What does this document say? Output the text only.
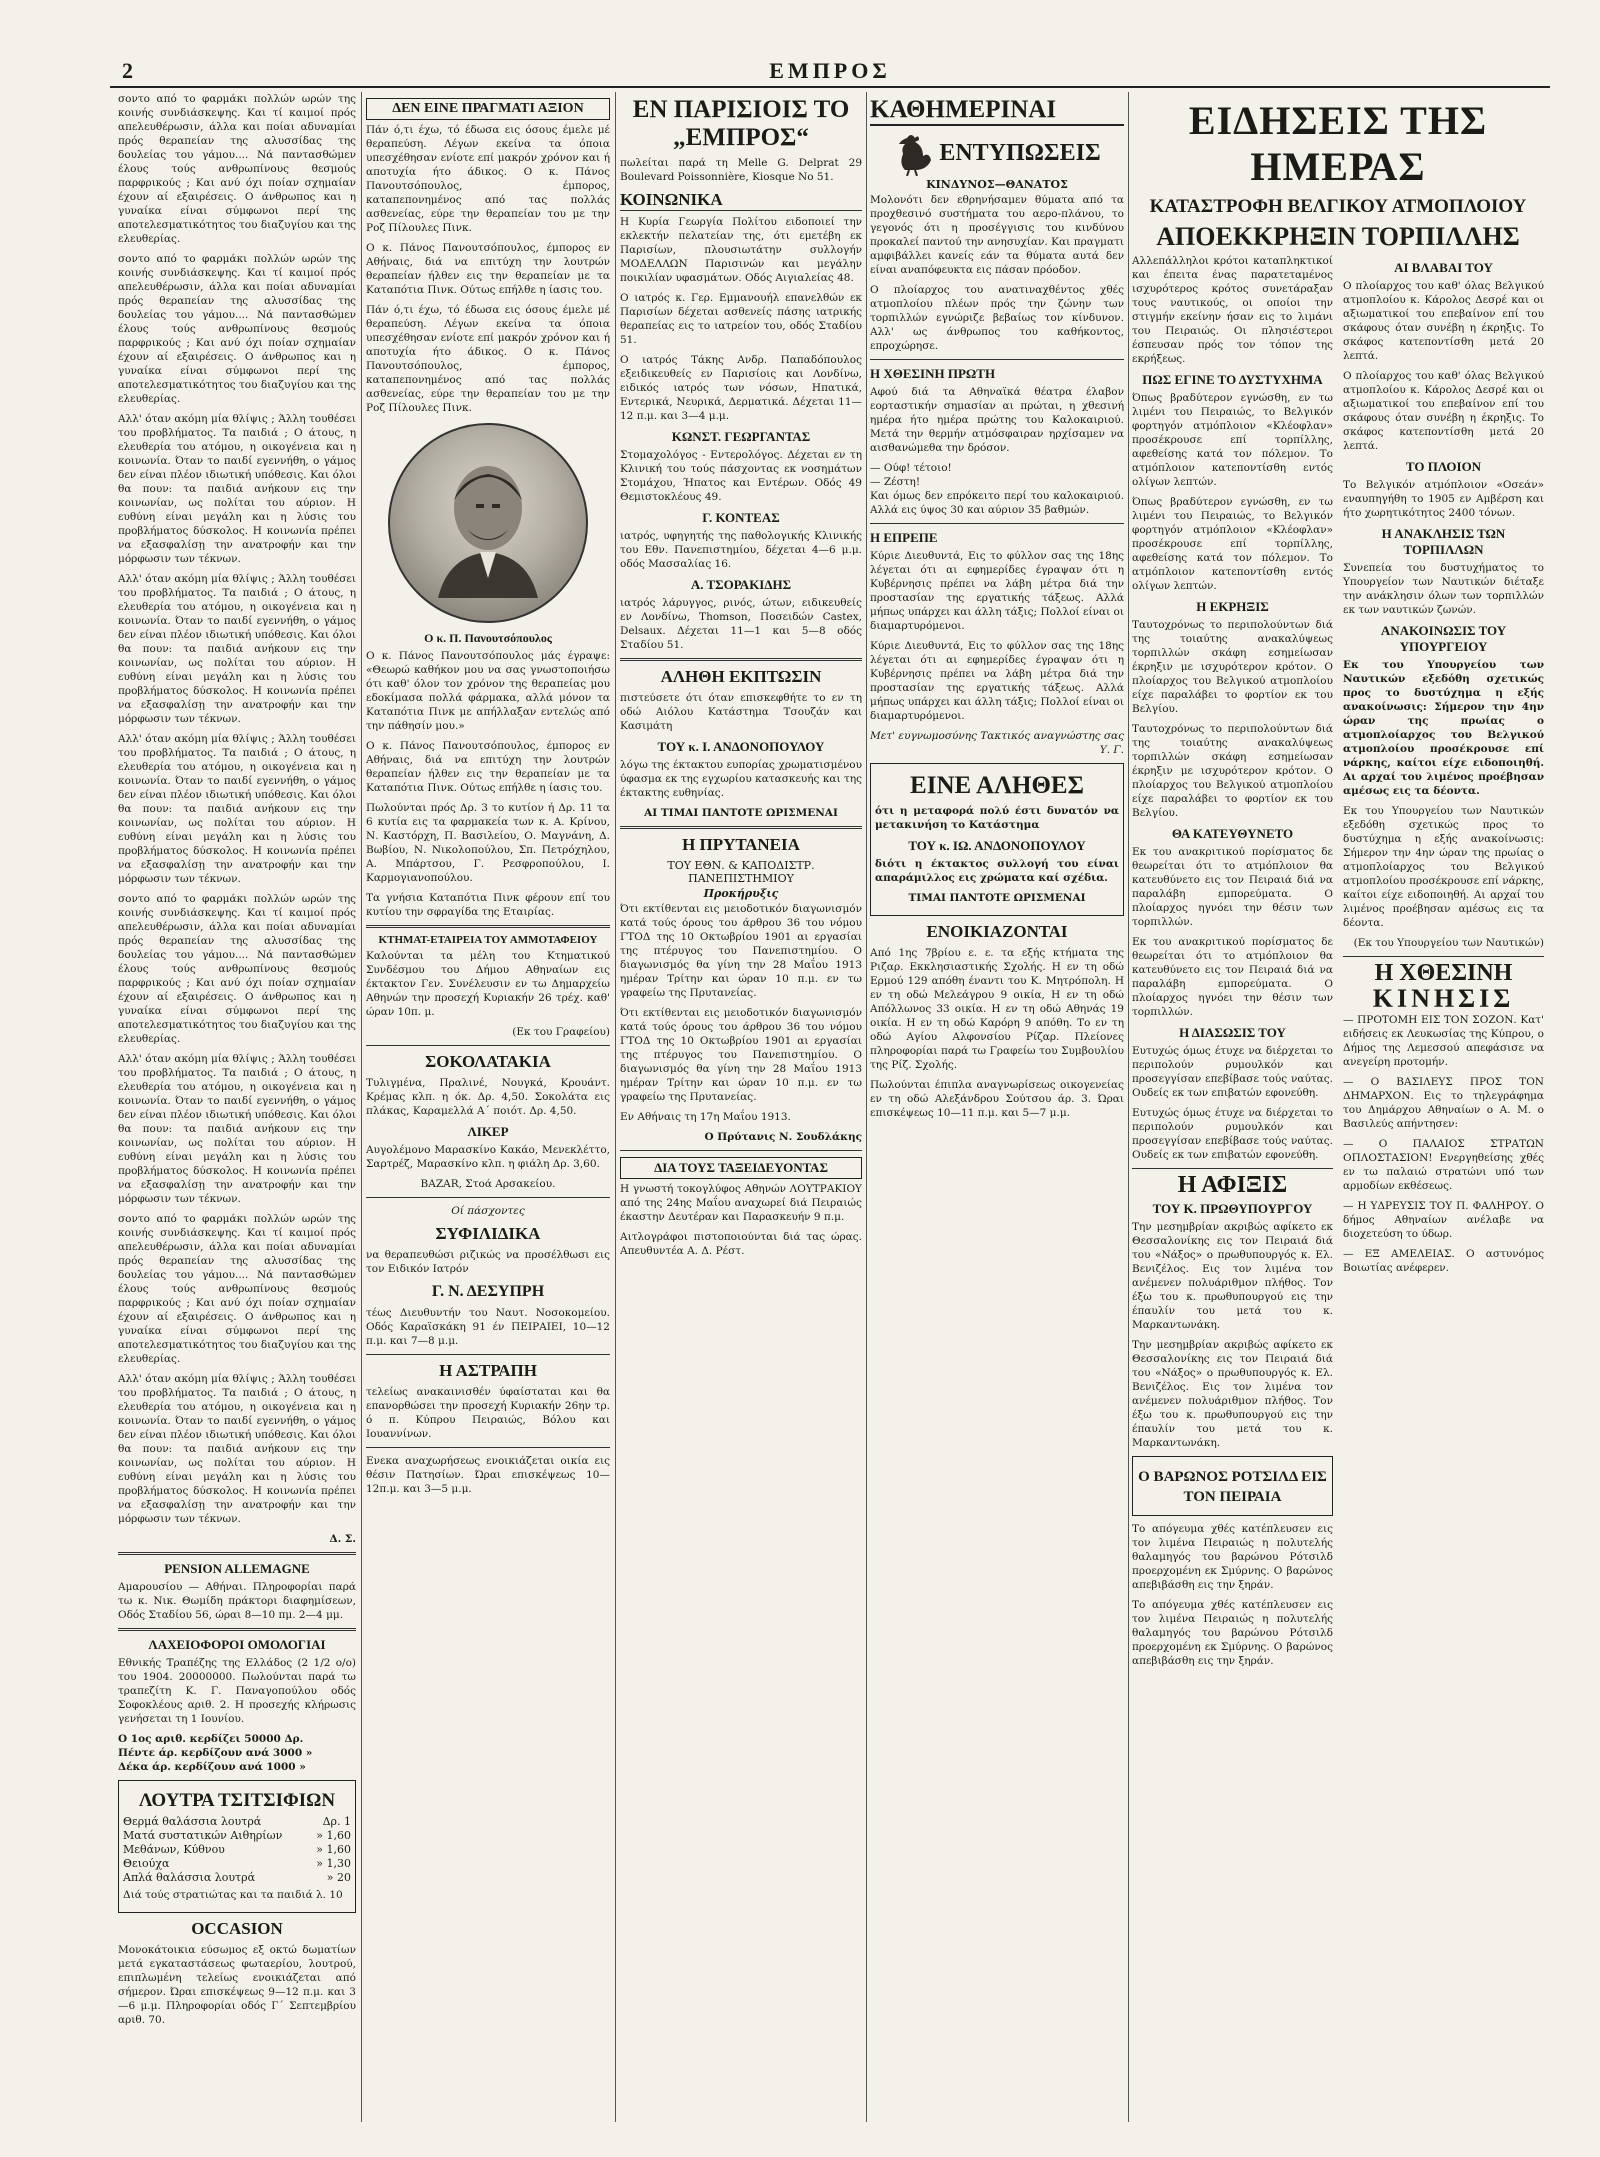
2	ΕΜΠΡΟΣ

σοντο από το φαρμάκι πολλών ωρών της κοινής συνδιάσκεψης. Και τί καιμοί πρός απελευθέρωσιν, άλλα και ποίαι αδυναμίαι πρός θεραπείαν της αλυσσίδας της δουλείας του γάμου.... Νά παντασθώμεν έλους τούς ανθρωπίνους θεσμούς παρφρικούς ; Και ανύ όχι ποίαν σχημαίαν έχουν αί εξαιρέσεις. Ο άνθρωπος και η γυναίκα είναι σύμφωνοι περί της αποτελεσματικότητος του διαζυγίου και της ελευθερίας.

σοντο από το φαρμάκι πολλών ωρών της κοινής συνδιάσκεψης. Και τί καιμοί πρός απελευθέρωσιν, άλλα και ποίαι αδυναμίαι πρός θεραπείαν της αλυσσίδας της δουλείας του γάμου.... Νά παντασθώμεν έλους τούς ανθρωπίνους θεσμούς παρφρικούς ; Και ανύ όχι ποίαν σχημαίαν έχουν αί εξαιρέσεις. Ο άνθρωπος και η γυναίκα είναι σύμφωνοι περί της αποτελεσματικότητος του διαζυγίου και της ελευθερίας.

Αλλ' όταν ακόμη μία θλίψις ; Άλλη τουθέσει του προβλήματος. Τα παιδιά ; Ο άτους, η ελευθερία του ατόμου, η οικογένεια και η κοινωνία. Όταν το παιδί εγεννήθη, ο γάμος δεν είναι πλέον ιδιωτική υπόθεσις. Και όλοι θα πουν: τα παιδιά ανήκουν εις την κοινωνίαν, ως πολίται του αύριον. Η ευθύνη είναι μεγάλη και η λύσις του προβλήματος δύσκολος. Η κοινωνία πρέπει να εξασφαλίσῃ την ανατροφήν και την μόρφωσιν των τέκνων.

Αλλ' όταν ακόμη μία θλίψις ; Άλλη τουθέσει του προβλήματος. Τα παιδιά ; Ο άτους, η ελευθερία του ατόμου, η οικογένεια και η κοινωνία. Όταν το παιδί εγεννήθη, ο γάμος δεν είναι πλέον ιδιωτική υπόθεσις. Και όλοι θα πουν: τα παιδιά ανήκουν εις την κοινωνίαν, ως πολίται του αύριον. Η ευθύνη είναι μεγάλη και η λύσις του προβλήματος δύσκολος. Η κοινωνία πρέπει να εξασφαλίσῃ την ανατροφήν και την μόρφωσιν των τέκνων.

Αλλ' όταν ακόμη μία θλίψις ; Άλλη τουθέσει του προβλήματος. Τα παιδιά ; Ο άτους, η ελευθερία του ατόμου, η οικογένεια και η κοινωνία. Όταν το παιδί εγεννήθη, ο γάμος δεν είναι πλέον ιδιωτική υπόθεσις. Και όλοι θα πουν: τα παιδιά ανήκουν εις την κοινωνίαν, ως πολίται του αύριον. Η ευθύνη είναι μεγάλη και η λύσις του προβλήματος δύσκολος. Η κοινωνία πρέπει να εξασφαλίσῃ την ανατροφήν και την μόρφωσιν των τέκνων.

σοντο από το φαρμάκι πολλών ωρών της κοινής συνδιάσκεψης. Και τί καιμοί πρός απελευθέρωσιν, άλλα και ποίαι αδυναμίαι πρός θεραπείαν της αλυσσίδας της δουλείας του γάμου.... Νά παντασθώμεν έλους τούς ανθρωπίνους θεσμούς παρφρικούς ; Και ανύ όχι ποίαν σχημαίαν έχουν αί εξαιρέσεις. Ο άνθρωπος και η γυναίκα είναι σύμφωνοι περί της αποτελεσματικότητος του διαζυγίου και της ελευθερίας.

Αλλ' όταν ακόμη μία θλίψις ; Άλλη τουθέσει του προβλήματος. Τα παιδιά ; Ο άτους, η ελευθερία του ατόμου, η οικογένεια και η κοινωνία. Όταν το παιδί εγεννήθη, ο γάμος δεν είναι πλέον ιδιωτική υπόθεσις. Και όλοι θα πουν: τα παιδιά ανήκουν εις την κοινωνίαν, ως πολίται του αύριον. Η ευθύνη είναι μεγάλη και η λύσις του προβλήματος δύσκολος. Η κοινωνία πρέπει να εξασφαλίσῃ την ανατροφήν και την μόρφωσιν των τέκνων.

σοντο από το φαρμάκι πολλών ωρών της κοινής συνδιάσκεψης. Και τί καιμοί πρός απελευθέρωσιν, άλλα και ποίαι αδυναμίαι πρός θεραπείαν της αλυσσίδας της δουλείας του γάμου.... Νά παντασθώμεν έλους τούς ανθρωπίνους θεσμούς παρφρικούς ; Και ανύ όχι ποίαν σχημαίαν έχουν αί εξαιρέσεις. Ο άνθρωπος και η γυναίκα είναι σύμφωνοι περί της αποτελεσματικότητος του διαζυγίου και της ελευθερίας.

Αλλ' όταν ακόμη μία θλίψις ; Άλλη τουθέσει του προβλήματος. Τα παιδιά ; Ο άτους, η ελευθερία του ατόμου, η οικογένεια και η κοινωνία. Όταν το παιδί εγεννήθη, ο γάμος δεν είναι πλέον ιδιωτική υπόθεσις. Και όλοι θα πουν: τα παιδιά ανήκουν εις την κοινωνίαν, ως πολίται του αύριον. Η ευθύνη είναι μεγάλη και η λύσις του προβλήματος δύσκολος. Η κοινωνία πρέπει να εξασφαλίσῃ την ανατροφήν και την μόρφωσιν των τέκνων.

Δ. Σ.

PENSION ALLEMAGNE

Αμαρουσίου — Αθήναι. Πληροφορίαι παρά τω κ. Νικ. Θωμίδη πράκτορι διαφημίσεων, Οδός Σταδίου 56, ώραι 8—10 πμ. 2—4 μμ.

ΛΑΧΕΙΟΦΟΡΟΙ ΟΜΟΛΟΓΙΑΙ

Εθνικής Τραπέζης της Ελλάδος (2 1/2 ο/ο) του 1904. 20000000. Πωλούνται παρά τω τραπεζίτη Κ. Γ. Παναγοπούλου οδός Σοφοκλέους αριθ. 2. Η προσεχής κλήρωσις γενήσεται τη 1 Ιουνίου.

Ο 1ος αριθ. κερδίζει 50000 Δρ.

Πέντε άρ. κερδίζουν ανά 3000 »

Δέκα άρ. κερδίζουν ανά 1000 »

ΛΟΥΤΡΑ ΤΣΙΤΣΙΦΙΩΝ
Θερμά θαλάσσια λουτρά	Δρ. 1
Ματά συστατικών Αιθηρίων	» 1,60
Μεθάνων, Κύθνου	» 1,60
Θειούχα	» 1,30
Απλά θαλάσσια λουτρά	» 20

Διά τούς στρατιώτας και τα παιδιά λ. 10

OCCASION

Μονοκάτοικια εύσωμος εξ οκτώ δωματίων μετά εγκαταστάσεως φωταερίου, λουτρού, επιπλωμένη τελείως ενοικιάζεται από σήμερον. Ώραι επισκέψεως 9—12 π.μ. και 3—6 μ.μ. Πληροφορίαι οδός Γ΄ Σεπτεμβρίου αριθ. 70.

ΔΕΝ ΕΙΝΕ ΠΡΑΓΜΑΤΙ ΑΞΙΟΝ

Πάν ό,τι έχω, τό έδωσα εις όσους έμελε μέ θεραπεύση. Λέγων εκείνα τα όποια υπεσχέθησαν ενίοτε επί μακρόν χρόνον και ή αποτυχία ήτο άδικος. Ο κ. Πάνος Πανουτσόπουλος, έμπορος, καταπεπονημένος από τας πολλάς ασθενείας, εύρε την θεραπείαν του με την Ροζ Πίλουλες Πινκ.

Ο κ. Πάνος Πανουτσόπουλος, έμπορος εν Αθήναις, διά να επιτύχη την λουτρών θεραπείαν ήλθεν εις την θεραπείαν με τα Καταπότια Πινκ. Ούτως επήλθε η ίασις του.

Πάν ό,τι έχω, τό έδωσα εις όσους έμελε μέ θεραπεύση. Λέγων εκείνα τα όποια υπεσχέθησαν ενίοτε επί μακρόν χρόνον και ή αποτυχία ήτο άδικος. Ο κ. Πάνος Πανουτσόπουλος, έμπορος, καταπεπονημένος από τας πολλάς ασθενείας, εύρε την θεραπείαν του με την Ροζ Πίλουλες Πινκ.

Ο κ. Π. Πανουτσόπουλος

Ο κ. Πάνος Πανουτσόπουλος μάς έγραψε: «Θεωρώ καθήκον μου να σας γνωστοποιήσω ότι καθ' όλον τον χρόνον της θεραπείας μου εδοκίμασα πολλά φάρμακα, αλλά μόνον τα Καταπότια Πινκ με απήλλαξαν εντελώς από την πάθησίν μου.»

Ο κ. Πάνος Πανουτσόπουλος, έμπορος εν Αθήναις, διά να επιτύχη την λουτρών θεραπείαν ήλθεν εις την θεραπείαν με τα Καταπότια Πινκ. Ούτως επήλθε η ίασις του.

Πωλούνται πρός Δρ. 3 το κυτίον ή Δρ. 11 τα 6 κυτία εις τα φαρμακεία των κ. Α. Κρίνου, Ν. Καστόρχη, Π. Βασιλείου, Ο. Μαγνάνη, Δ. Βωβίου, Ν. Νικολοπούλου, Σπ. Πετρόχηλου, Α. Μπάρτσου, Γ. Ρεσφροπούλου, Ι. Καρμογιανοπούλου.

Τα γνήσια Καταπότια Πινκ φέρουν επί του κυτίου την σφραγίδα της Εταιρίας.

ΚΤΗΜΑΤ-ΕΤΑΙΡΕΙΑ ΤΟΥ ΑΜΜΟΤΑΦΕΙΟΥ

Καλούνται τα μέλη του Κτηματικού Συνδέσμου του Δήμου Αθηναίων εις έκτακτον Γεν. Συνέλευσιν εν τω Δημαρχείω Αθηνών την προσεχή Κυριακήν 26 τρέχ. καθ' ώραν 10π. μ.

(Εκ του Γραφείου)

ΣΟΚΟΛΑΤΑΚΙΑ

Τυλιγμένα, Πραλινέ, Νουγκά, Κρουάντ. Κρέμας κλπ. η όκ. Δρ. 4,50. Σοκολάτα εις πλάκας, Καραμελλά Α΄ ποιότ. Δρ. 4,50.

ΛΙΚΕΡ

Αυγολέμονο Μαρασκίνο Κακάο, Μενεκλέττο, Σαρτρέζ, Μαρασκίνο κλπ. η φιάλη Δρ. 3,60.

BAZAR, Στοά Αρσακείου.

Οί πάσχοντες

ΣΥΦΙΛΙΔΙΚΑ

να θεραπευθώσι ριζικώς να προσέλθωσι εις τον Ειδικόν Ιατρόν

Γ. Ν. ΔΕΣΥΠΡΗ

τέως Διευθυντήν του Ναυτ. Νοσοκομείου. Οδός Καραϊσκάκη 91 έν ΠΕΙΡΑΙΕΙ, 10—12 π.μ. και 7—8 μ.μ.

Η ΑΣΤΡΑΠΗ

τελείως ανακαινισθέν ύφαίσταται και θα επανορθώσει την προσεχή Κυριακήν 26ην τρ. ό π. Κύπρου Πειραιώς, Βόλου και Ιουαννίνων.

Ενεκα αναχωρήσεως ενοικιάζεται οικία εις θέσιν Πατησίων. Ώραι επισκέψεως 10—12π.μ. και 3—5 μ.μ.

ΕΝ ΠΑΡΙΣΙΟΙΣ ΤΟ „ΕΜΠΡΟΣ“

πωλείται παρά τη Melle G. Delprat 29 Boulevard Poissonnière, Kiosque No 51.

ΚΟΙΝΩΝΙΚΑ

Η Κυρία Γεωργία Πολίτου ειδοποιεί την εκλεκτήν πελατείαν της, ότι εμετέβη εκ Παρισίων, πλουσιωτάτην συλλογήν ΜΟΔΕΛΛΩΝ Παρισινών και μεγάλην ποικιλίαν υφασμάτων. Οδός Αιγιαλείας 48.

Ο ιατρός κ. Γερ. Εμμανουήλ επανελθών εκ Παρισίων δέχεται ασθενείς πάσης ιατρικής θεραπείας εις το ιατρείον του, οδός Σταδίου 51.

Ο ιατρός Τάκης Ανδρ. Παπαδόπουλος εξειδικευθείς εν Παρισίοις και Λονδίνω, ειδικός ιατρός των νόσων, Ηπατικά, Εντερικά, Νευρικά, Δερματικά. Δέχεται 11—12 π.μ. και 3—4 μ.μ.

ΚΩΝΣΤ. ΓΕΩΡΓΑΝΤΑΣ

Στομαχολόγος - Εντερολόγος. Δέχεται εν τη Κλινική του τούς πάσχοντας εκ νοσημάτων Στομάχου, Ήπατος και Εντέρων. Οδός 49 Θεμιστοκλέους 49.

Γ. ΚΟΝΤΕΑΣ

ιατρός, υφηγητής της παθολογικής Κλινικής του Εθν. Πανεπιστημίου, δέχεται 4—6 μ.μ. οδός Μασσαλίας 16.

Α. ΤΣΟΡΑΚΙΔΗΣ

ιατρός λάρυγγος, ρινός, ώτων, ειδικευθείς εν Λονδίνω, Thomson, Ποσειδών Castex, Delsaux. Δέχεται 11—1 και 5—8 οδός Σταδίου 51.

ΑΛΗΘΗ ΕΚΠΤΩΣΙΝ

πιστεύσετε ότι όταν επισκεφθήτε το εν τη οδώ Αιόλου Κατάστημα Τσουζάν και Κασιμάτη

ΤΟΥ κ. Ι. ΑΝΔΟΝΟΠΟΥΛΟΥ

λόγω της έκτακτου ευπορίας χρωματισμένου ύφασμα εκ της εγχωρίου κατασκευής και της έκτακτης ευθηνίας.

ΑΙ ΤΙΜΑΙ ΠΑΝΤΟΤΕ ΩΡΙΣΜΕΝΑΙ

Η ΠΡΥΤΑΝΕΙΑ
ΤΟΥ ΕΘΝ. & ΚΑΠΟΔΙΣΤΡ. ΠΑΝΕΠΙΣΤΗΜΙΟΥ
Προκήρυξις

Ότι εκτίθενται εις μειοδοτικόν διαγωνισμόν κατά τούς όρους του άρθρου 36 του νόμου ΓΤΟΔ της 10 Οκτωβρίου 1901 αι εργασίαι της πτέρυγος του Πανεπιστημίου. Ο διαγωνισμός θα γίνη την 28 Μαΐου 1913 ημέραν Τρίτην και ώραν 10 π.μ. εν τω γραφείω της Πρυτανείας.

Ότι εκτίθενται εις μειοδοτικόν διαγωνισμόν κατά τούς όρους του άρθρου 36 του νόμου ΓΤΟΔ της 10 Οκτωβρίου 1901 αι εργασίαι της πτέρυγος του Πανεπιστημίου. Ο διαγωνισμός θα γίνη την 28 Μαΐου 1913 ημέραν Τρίτην και ώραν 10 π.μ. εν τω γραφείω της Πρυτανείας.

Εν Αθήναις τη 17η Μαΐου 1913.

Ο Πρύτανις Ν. Σουδλάκης

ΔΙΑ ΤΟΥΣ ΤΑΞΕΙΔΕΥΟΝΤΑΣ

Η γνωστή τοκογλύφος Αθηνών ΛΟΥΤΡΑΚΙΟΥ από της 24ης Μαΐου αναχωρεί διά Πειραιώς έκαστην Δευτέραν και Παρασκευήν 9 π.μ.

Αιτλογράφοι πιστοποιούνται διά τας ώρας. Απευθυντέα Α. Δ. Ρέστ.

ΚΑΘΗΜΕΡΙΝΑΙ
ΕΝΤΥΠΩΣΕΙΣ
ΚΙΝΔΥΝΟΣ—ΘΑΝΑΤΟΣ

Μολονότι δεν εθρηνήσαμεν θύματα από τα προχθεσινό συστήματα του αερο-πλάνου, το γεγονός ότι η προσέγγισις του κινδύνου προκαλεί παντού την ανησυχίαν. Και πραγματι αμφιβάλλει κανείς εάν τα θύματα αυτά δεν είναι αναπόφευκτα εις πάσαν πρόοδον.

Ο πλοίαρχος του ανατιναχθέντος χθές ατμοπλοίου πλέων πρός την ζώνην των τορπιλλών εγνώριζε βεβαίως τον κίνδυνον. Αλλ' ως άνθρωπος του καθήκοντος, επροχώρησε.

Η ΧΘΕΣΙΝΗ ΠΡΩΤΗ

Αφού διά τα Αθηναϊκά θέατρα έλαβον εορταστικήν σημασίαν αι πρώται, η χθεσινή ημέρα ήτο ημέρα πρώτης του Καλοκαιριού. Μετά την θερμήν ατμόσφαιραν ηρχίσαμεν να αισθανώμεθα την δρόσον.

— Ούφ! τέτοιο!

— Ζέστη!

Και όμως δεν επρόκειτο περί του καλοκαιριού. Αλλά εις ύψος 30 και αύριον 35 βαθμών.

Η ΕΠΡΕΠΕ

Κύριε Διευθυντά, Εις το φύλλον σας της 18ης λέγεται ότι αι εφημερίδες έγραψαν ότι η Κυβέρνησις πρέπει να λάβη μέτρα διά την προστασίαν της εργατικής τάξεως. Αλλά μήπως υπάρχει και άλλη τάξις; Πολλοί είναι οι διαμαρτυρόμενοι.

Κύριε Διευθυντά, Εις το φύλλον σας της 18ης λέγεται ότι αι εφημερίδες έγραψαν ότι η Κυβέρνησις πρέπει να λάβη μέτρα διά την προστασίαν της εργατικής τάξεως. Αλλά μήπως υπάρχει και άλλη τάξις; Πολλοί είναι οι διαμαρτυρόμενοι.

Μετ' ευγνωμοσύνης Τακτικός αναγνώστης σας Υ. Γ.

ΕΙΝΕ ΑΛΗΘΕΣ

ότι η μεταφορά πολύ έστι δυνατόν να μετακινήση το Κατάστημα

ΤΟΥ κ. ΙΩ. ΑΝΔΟΝΟΠΟΥΛΟΥ

διότι η έκτακτος συλλογή του είναι απαράμιλλος εις χρώματα καί σχέδια.

ΤΙΜΑΙ ΠΑΝΤΟΤΕ ΩΡΙΣΜΕΝΑΙ

ΕΝΟΙΚΙΑΖΟΝΤΑΙ

Από 1ης 7βρίου ε. ε. τα εξής κτήματα της Ριζαρ. Εκκλησιαστικής Σχολής. Η εν τη οδώ Ερμού 129 απόθη έναντι του Κ. Μητρόπολη. Η εν τη οδώ Μελεάγρου 9 οικία, Η εν τη οδώ Απόλλωνος 33 οικία. Η εν τη οδώ Αθηνάς 19 οικία. Η εν τη οδώ Καρόρη 9 απόθη. Το εν τη οδώ Αγίου Αλφονσίου Ρίζαρ. Πλείονες πληροφορίαι παρά τω Γραφείω του Συμβουλίου της Ρίζ. Σχολής.

Πωλούνται έπιπλα αναγνωρίσεως οικογενείας εν τη οδώ Αλεξάνδρου Σούτσου άρ. 3. Ώραι επισκέψεως 10—11 π.μ. και 5—7 μ.μ.

ΕΙΔΗΣΕΙΣ ΤΗΣ ΗΜΕΡΑΣ
ΚΑΤΑΣΤΡΟΦΗ ΒΕΛΓΙΚΟΥ ΑΤΜΟΠΛΟΙΟΥ
ΑΠΟΕΚΚΡΗΞΙΝ ΤΟΡΠΙΛΛΗΣ

Αλλεπάλληλοι κρότοι καταπληκτικοί και έπειτα ένας παρατεταμένος ισχυρότερος κρότος συνετάραξαν τους ναυτικούς, οι οποίοι την στιγμήν εκείνην ήσαν εις το λιμάνι του Πειραιώς. Οι πλησιέστεροι έσπευσαν πρός τον τόπον της εκρήξεως.

ΠΩΣ ΕΓΙΝΕ ΤΟ ΔΥΣΤΥΧΗΜΑ

Όπως βραδύτερον εγνώσθη, εν τω λιμένι του Πειραιώς, το Βελγικόν φορτηγόν ατμόπλοιον «Κλέοφλαν» προσέκρουσε επί τορπίλλης, αφεθείσης κατά τον πόλεμον. Το ατμόπλοιον κατεποντίσθη εντός ολίγων λεπτών.

Όπως βραδύτερον εγνώσθη, εν τω λιμένι του Πειραιώς, το Βελγικόν φορτηγόν ατμόπλοιον «Κλέοφλαν» προσέκρουσε επί τορπίλλης, αφεθείσης κατά τον πόλεμον. Το ατμόπλοιον κατεποντίσθη εντός ολίγων λεπτών.

Η ΕΚΡΗΞΙΣ

Ταυτοχρόνως το περιπολούντων διά της τοιαύτης ανακαλύψεως τορπιλλών σκάφη εσημείωσαν έκρηξιν με ισχυρότερον κρότον. Ο πλοίαρχος του Βελγικού ατμοπλοίου είχε παραλάβει το φορτίον εκ του Βελγίου.

Ταυτοχρόνως το περιπολούντων διά της τοιαύτης ανακαλύψεως τορπιλλών σκάφη εσημείωσαν έκρηξιν με ισχυρότερον κρότον. Ο πλοίαρχος του Βελγικού ατμοπλοίου είχε παραλάβει το φορτίον εκ του Βελγίου.

ΘΑ ΚΑΤΕΥΘΥΝΕΤΟ

Εκ του ανακριτικού πορίσματος δε θεωρείται ότι το ατμόπλοιον θα κατευθύνετο εις τον Πειραιά διά να παραλάβη εμπορεύματα. Ο πλοίαρχος ηγνόει την θέσιν των τορπιλλών.

Εκ του ανακριτικού πορίσματος δε θεωρείται ότι το ατμόπλοιον θα κατευθύνετο εις τον Πειραιά διά να παραλάβη εμπορεύματα. Ο πλοίαρχος ηγνόει την θέσιν των τορπιλλών.

Η ΔΙΑΣΩΣΙΣ ΤΟΥ

Ευτυχώς όμως έτυχε να διέρχεται το περιπολούν ρυμουλκόν και προσεγγίσαν επεβίβασε τούς ναύτας. Ουδείς εκ των επιβατών εφονεύθη.

Ευτυχώς όμως έτυχε να διέρχεται το περιπολούν ρυμουλκόν και προσεγγίσαν επεβίβασε τούς ναύτας. Ουδείς εκ των επιβατών εφονεύθη.

Η ΑΦΙΞΙΣ
ΤΟΥ Κ. ΠΡΩΘΥΠΟΥΡΓΟΥ

Την μεσημβρίαν ακριβώς αφίκετο εκ Θεσσαλονίκης εις τον Πειραιά διά του «Νάξος» ο πρωθυπουργός κ. Ελ. Βενιζέλος. Εις τον λιμένα τον ανέμενεν πολυάριθμον πλήθος. Τον έξω του κ. πρωθυπουργού εις την έπαυλίν του μετά του κ. Μαρκαντωνάκη.

Την μεσημβρίαν ακριβώς αφίκετο εκ Θεσσαλονίκης εις τον Πειραιά διά του «Νάξος» ο πρωθυπουργός κ. Ελ. Βενιζέλος. Εις τον λιμένα τον ανέμενεν πολυάριθμον πλήθος. Τον έξω του κ. πρωθυπουργού εις την έπαυλίν του μετά του κ. Μαρκαντωνάκη.

Ο ΒΑΡΩΝΟΣ ΡΟΤΣΙΛΔ ΕΙΣ ΤΟΝ ΠΕΙΡΑΙΑ

Το απόγευμα χθές κατέπλευσεν εις τον λιμένα Πειραιώς η πολυτελής θαλαμηγός του βαρώνου Ρότσιλδ προερχομένη εκ Σμύρνης. Ο βαρώνος απεβιβάσθη εις την ξηράν.

Το απόγευμα χθές κατέπλευσεν εις τον λιμένα Πειραιώς η πολυτελής θαλαμηγός του βαρώνου Ρότσιλδ προερχομένη εκ Σμύρνης. Ο βαρώνος απεβιβάσθη εις την ξηράν.

ΑΙ ΒΛΑΒΑΙ ΤΟΥ

Ο πλοίαρχος του καθ' όλας Βελγικού ατμοπλοίου κ. Κάρολος Δεσρέ και οι αξιωματικοί του επεβαίνον επί του σκάφους όταν συνέβη η έκρηξις. Το σκάφος κατεποντίσθη μετά 20 λεπτά.

Ο πλοίαρχος του καθ' όλας Βελγικού ατμοπλοίου κ. Κάρολος Δεσρέ και οι αξιωματικοί του επεβαίνον επί του σκάφους όταν συνέβη η έκρηξις. Το σκάφος κατεποντίσθη μετά 20 λεπτά.

ΤΟ ΠΛΟΙΟΝ

Το Βελγικόν ατμόπλοιον «Οσεάν» εναυπηγήθη το 1905 εν Αμβέρση και ήτο χωρητικότητος 2400 τόνων.

Η ΑΝΑΚΛΗΣΙΣ ΤΩΝ ΤΟΡΠΙΛΛΩΝ

Συνεπεία του δυστυχήματος το Υπουργείον των Ναυτικών διέταξε την ανάκλησιν όλων των τορπιλλών εκ των ναυτικών ζωνών.

ΑΝΑΚΟΙΝΩΣΙΣ ΤΟΥ ΥΠΟΥΡΓΕΙΟΥ

Εκ του Υπουργείου των Ναυτικών εξεδόθη σχετικώς προς το δυστύχημα η εξής ανακοίνωσις: Σήμερον την 4ην ώραν της πρωίας ο ατμοπλοίαρχος του Βελγικού ατμοπλοίου προσέκρουσε επί νάρκης, καίτοι είχε ειδοποιηθή. Αι αρχαί του λιμένος προέβησαν αμέσως εις τα δέοντα.

Εκ του Υπουργείου των Ναυτικών εξεδόθη σχετικώς προς το δυστύχημα η εξής ανακοίνωσις: Σήμερον την 4ην ώραν της πρωίας ο ατμοπλοίαρχος του Βελγικού ατμοπλοίου προσέκρουσε επί νάρκης, καίτοι είχε ειδοποιηθή. Αι αρχαί του λιμένος προέβησαν αμέσως εις τα δέοντα.

(Εκ του Υπουργείου των Ναυτικών)

Η ΧΘΕΣΙΝΗ
ΚΙΝΗΣΙΣ

— ΠΡΟΤΟΜΗ ΕΙΣ ΤΟΝ ΣΟΖΟΝ. Κατ' ειδήσεις εκ Λευκωσίας της Κύπρου, ο Δήμος της Λεμεσσού απεφάσισε να ανεγείρη προτομήν.

— Ο ΒΑΣΙΛΕΥΣ ΠΡΟΣ ΤΟΝ ΔΗΜΑΡΧΟΝ. Εις το τηλεγράφημα του Δημάρχου Αθηναίων ο Α. Μ. ο Βασιλεύς απήντησεν:

— Ο ΠΑΛΑΙΟΣ ΣΤΡΑΤΩΝ ΟΠΛΟΣΤΑΣΙΟΝ! Ενεργηθείσης χθές εν τω παλαιώ στρατώνι υπό των αρμοδίων εκθέσεως.

— Η ΥΔΡΕΥΣΙΣ ΤΟΥ Π. ΦΑΛΗΡΟΥ. Ο δήμος Αθηναίων ανέλαβε να διοχετεύση το ύδωρ.

— ΕΞ ΑΜΕΛΕΙΑΣ. Ο αστυνόμος Βοιωτίας ανέφερεν.
